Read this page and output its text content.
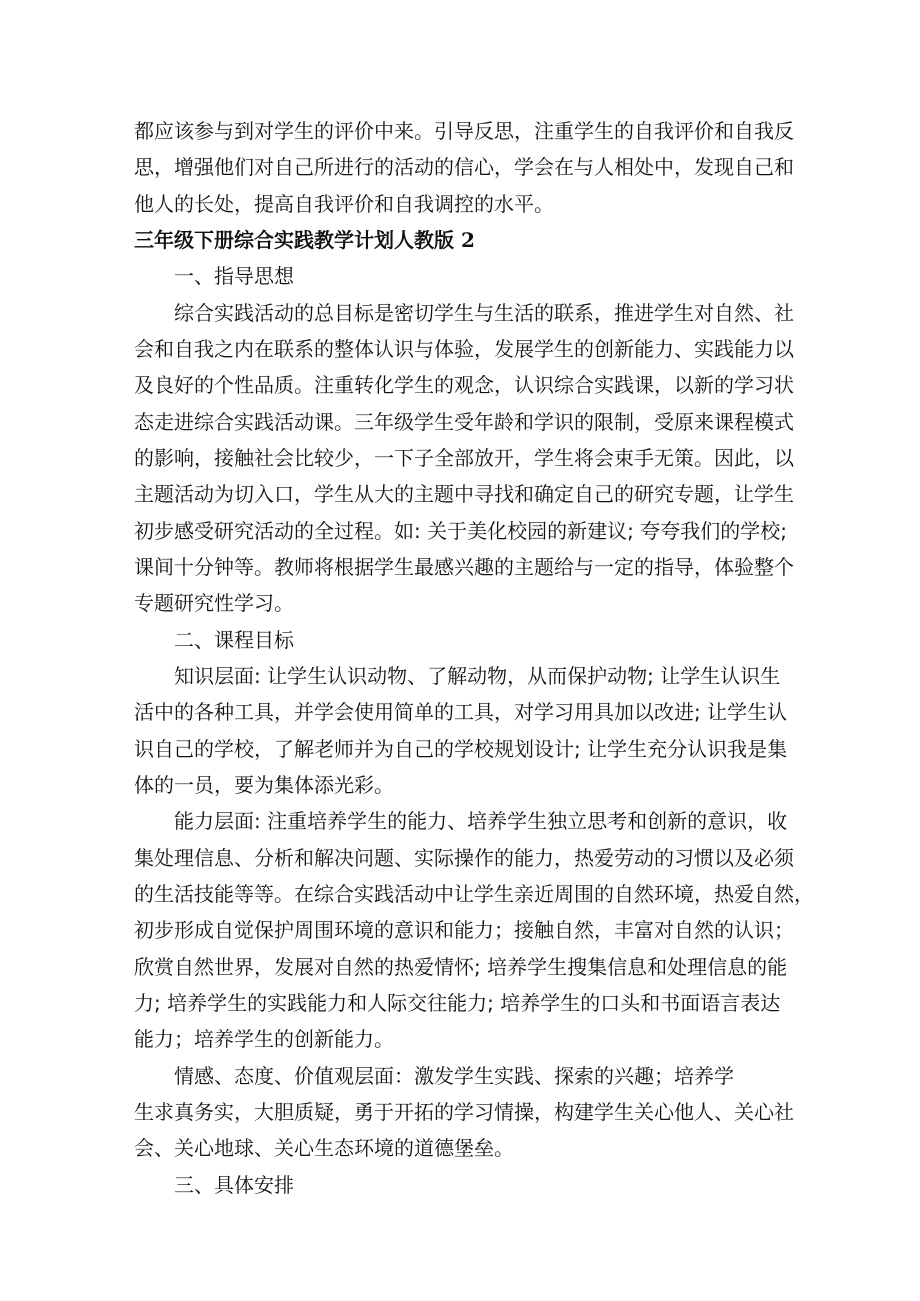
都应该参与到对学生的评价中来。引导反思，注重学生的自我评价和自我反
思，增强他们对自己所进行的活动的信心，学会在与人相处中，发现自己和
他人的长处，提高自我评价和自我调控的水平。
三年级下册综合实践教学计划人教版 2
一、指导思想
综合实践活动的总目标是密切学生与生活的联系，推进学生对自然、社
会和自我之内在联系的整体认识与体验，发展学生的创新能力、实践能力以
及良好的个性品质。注重转化学生的观念，认识综合实践课，以新的学习状
态走进综合实践活动课。三年级学生受年龄和学识的限制，受原来课程模式
的影响，接触社会比较少，一下子全部放开，学生将会束手无策。因此，以
主题活动为切入口，学生从大的主题中寻找和确定自己的研究专题，让学生
初步感受研究活动的全过程。如: 关于美化校园的新建议; 夸夸我们的学校;
课间十分钟等。教师将根据学生最感兴趣的主题给与一定的指导，体验整个
专题研究性学习。
二、课程目标
知识层面: 让学生认识动物、了解动物，从而保护动物; 让学生认识生
活中的各种工具，并学会使用简单的工具，对学习用具加以改进; 让学生认
识自己的学校，了解老师并为自己的学校规划设计; 让学生充分认识我是集
体的一员，要为集体添光彩。
能力层面: 注重培养学生的能力、培养学生独立思考和创新的意识，收
集处理信息、分析和解决问题、实际操作的能力，热爱劳动的习惯以及必须
的生活技能等等。在综合实践活动中让学生亲近周围的自然环境，热爱自然，
初步形成自觉保护周围环境的意识和能力；接触自然，丰富对自然的认识；
欣赏自然世界，发展对自然的热爱情怀; 培养学生搜集信息和处理信息的能
力; 培养学生的实践能力和人际交往能力; 培养学生的口头和书面语言表达
能力；培养学生的创新能力。
情感、态度、价值观层面：激发学生实践、探索的兴趣；培养学
生求真务实，大胆质疑，勇于开拓的学习情操，构建学生关心他人、关心社
会、关心地球、关心生态环境的道德堡垒。
三、具体安排
